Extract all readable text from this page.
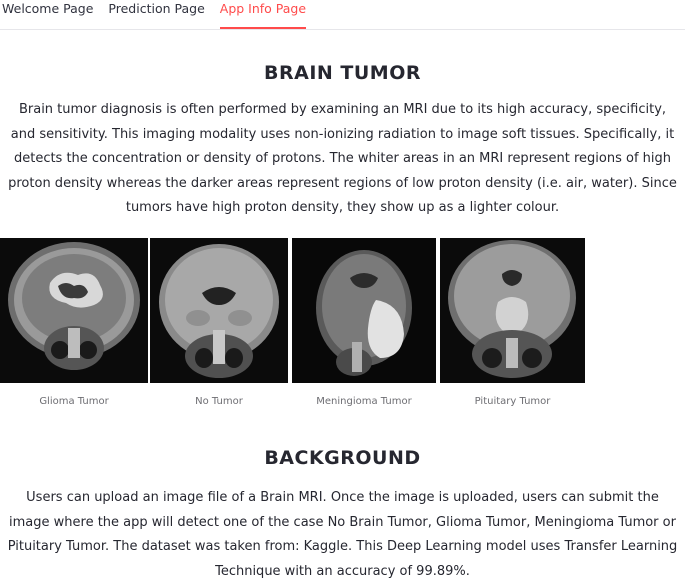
Welcome Page Prediction Page App Info Page
BRAIN TUMOR

Brain tumor diagnosis is often performed by examining an MRI due to its high accuracy, specificity, and sensitivity. This imaging modality uses non-ionizing radiation to image soft tissues. Specifically, it detects the concentration or density of protons. The whiter areas in an MRI represent regions of high proton density whereas the darker areas represent regions of low proton density (i.e. air, water). Since tumors have high proton density, they show up as a lighter colour.

Glioma Tumor	No Tumor	Meningioma Tumor	Pituitary Tumor
BACKGROUND

Users can upload an image file of a Brain MRI. Once the image is uploaded, users can submit the image where the app will detect one of the case No Brain Tumor, Glioma Tumor, Meningioma Tumor or Pituitary Tumor. The dataset was taken from: Kaggle. This Deep Learning model uses Transfer Learning Technique with an accuracy of 99.89%.
